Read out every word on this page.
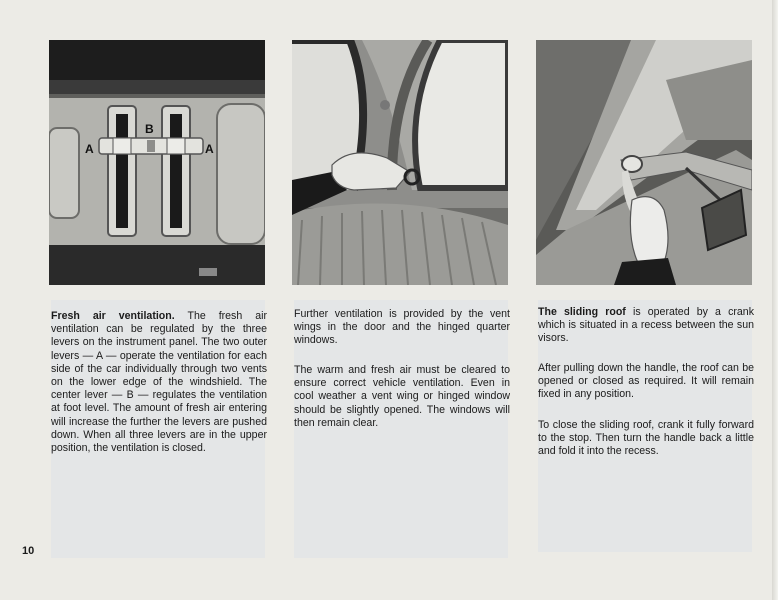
A
B
A

Fresh air ventilation. The fresh air ventilation can be regulated by the three levers on the instrument panel. The two outer levers — A — operate the ventilation for each side of the car individually through two vents on the lower edge of the windshield. The center lever — B — regulates the ventilation at foot level. The amount of fresh air entering will increase the further the levers are pushed down. When all three levers are in the upper position, the ventilation is closed.

Further ventilation is provided by the vent wings in the door and the hinged quarter windows.

The warm and fresh air must be cleared to ensure correct vehicle ventilation. Even in cool weather a vent wing or hinged window should be slightly opened. The windows will then remain clear.

The sliding roof is operated by a crank which is situated in a recess between the sun visors.

After pulling down the handle, the roof can be opened or closed as required. It will remain fixed in any position.

To close the sliding roof, crank it fully forward to the stop. Then turn the handle back a little and fold it into the recess.

10
